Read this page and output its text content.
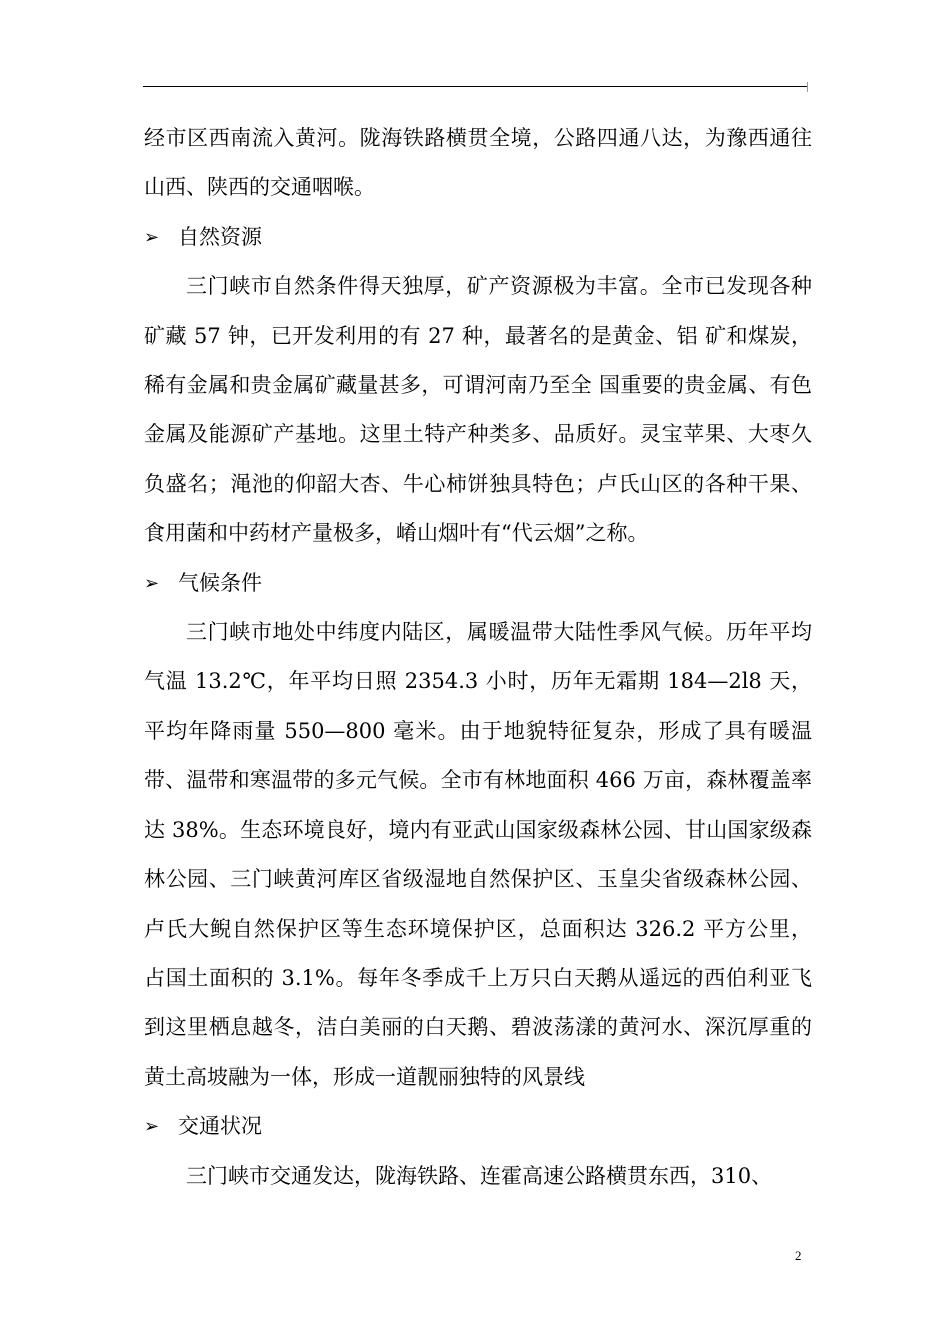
经市区西南流入黄河。陇海铁路横贯全境，公路四通八达，为豫西通往山西、陕西的交通咽喉。

➢ 自然资源

三门峡市自然条件得天独厚，矿产资源极为丰富。全市已发现各种矿藏 57 钟，已开发利用的有 27 种，最著名的是黄金、铝 矿和煤炭，稀有金属和贵金属矿藏量甚多，可谓河南乃至全 国重要的贵金属、有色金属及能源矿产基地。这里土特产种类多、品质好。灵宝苹果、大枣久负盛名；渑池的仰韶大杏、牛心柿饼独具特色；卢氏山区的各种干果、食用菌和中药材产量极多，崤山烟叶有“代云烟”之称。

➢ 气候条件

三门峡市地处中纬度内陆区，属暖温带大陆性季风气候。历年平均气温 13.2℃，年平均日照 2354.3 小时，历年无霜期 184—2l8 天，平均年降雨量 550—800 毫米。由于地貌特征复杂，形成了具有暖温带、温带和寒温带的多元气候。全市有林地面积 466 万亩，森林覆盖率达 38%。生态环境良好，境内有亚武山国家级森林公园、甘山国家级森林公园、三门峡黄河库区省级湿地自然保护区、玉皇尖省级森林公园、卢氏大鲵自然保护区等生态环境保护区，总面积达 326.2 平方公里， 占国土面积的 3.1%。每年冬季成千上万只白天鹅从遥远的西伯利亚飞到这里栖息越冬，洁白美丽的白天鹅、碧波荡漾的黄河水、深沉厚重的黄土高坡融为一体，形成一道靓丽独特的风景线

➢ 交通状况

三门峡市交通发达，陇海铁路、连霍高速公路横贯东西，310、

2
